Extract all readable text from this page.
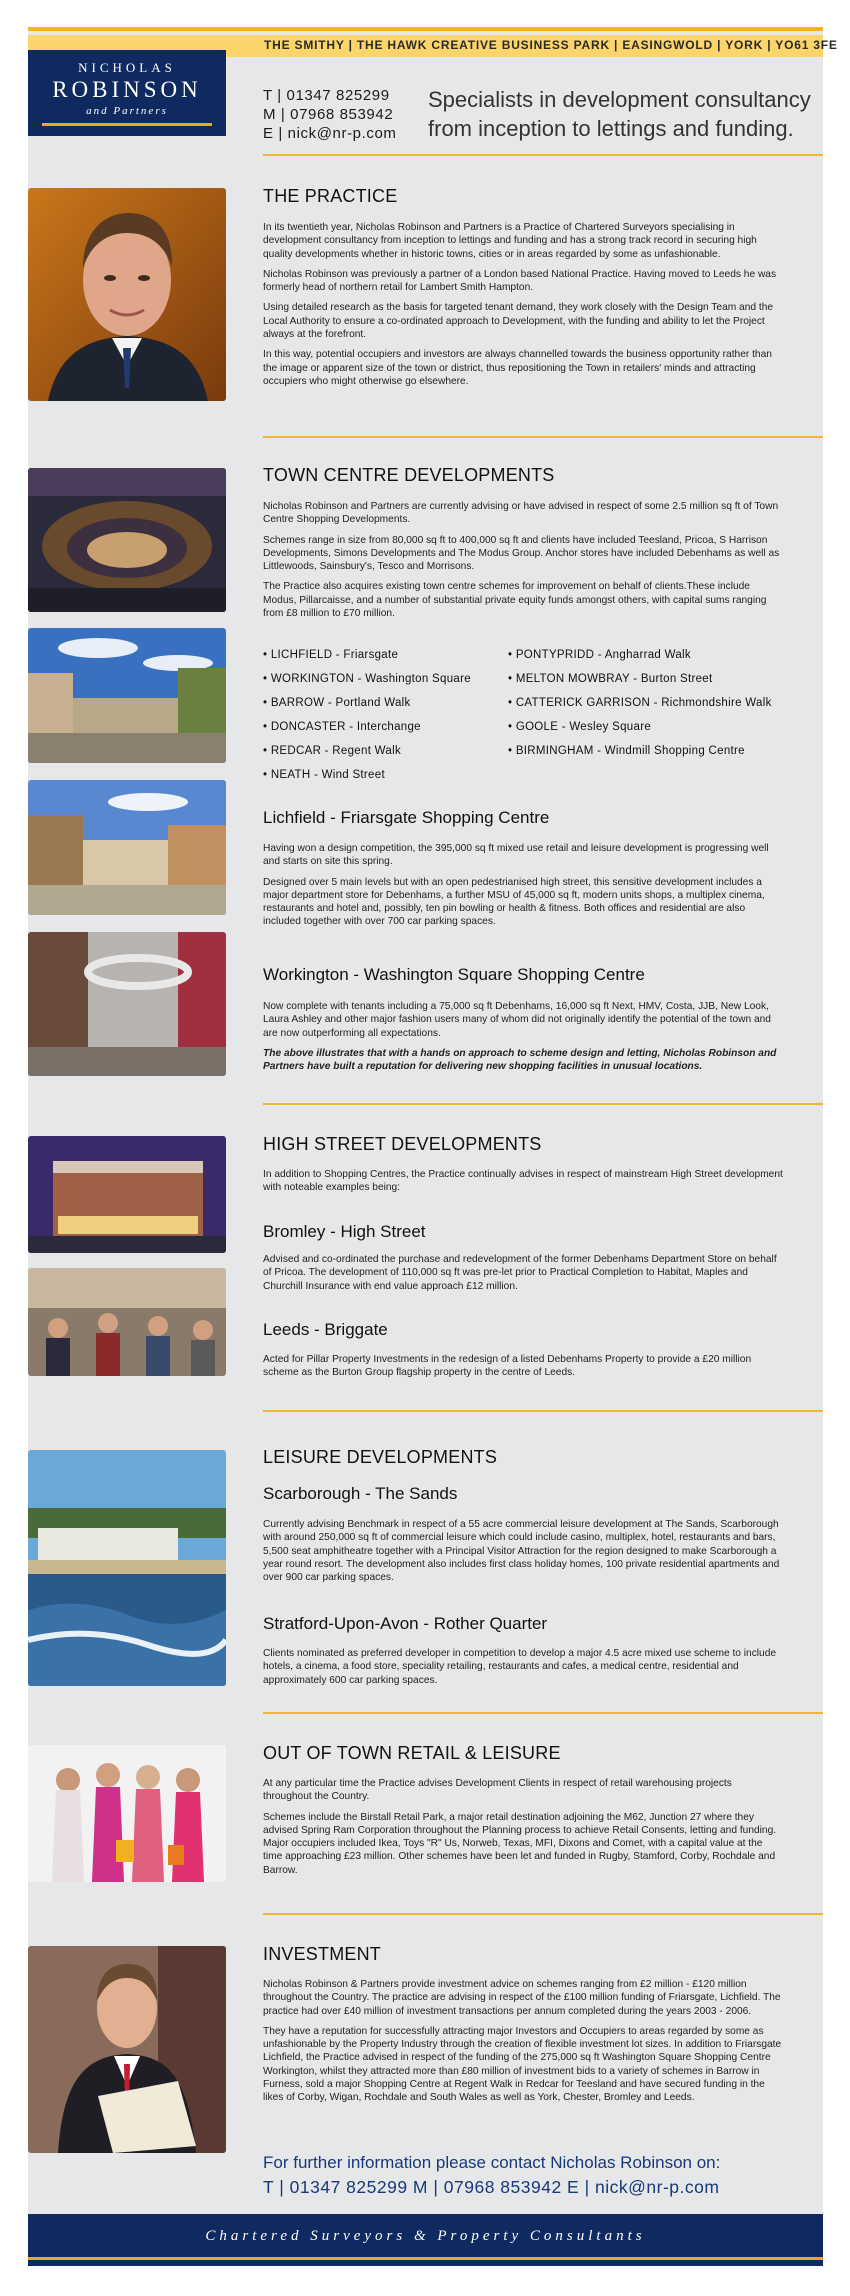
THE SMITHY | THE HAWK CREATIVE BUSINESS PARK | EASINGWOLD | YORK | YO61 3FE
NICHOLAS
ROBINSON
and Partners
T | 01347 825299
M | 07968 853942
E | nick@nr-p.com
Specialists in development consultancy
from inception to lettings and funding.
THE PRACTICE

In its twentieth year, Nicholas Robinson and Partners is a Practice of Chartered Surveyors specialising in development consultancy from inception to lettings and funding and has a strong track record in securing high quality developments whether in historic towns, cities or in areas regarded by some as unfashionable.

Nicholas Robinson was previously a partner of a London based National Practice. Having moved to Leeds he was formerly head of northern retail for Lambert Smith Hampton.

Using detailed research as the basis for targeted tenant demand, they work closely with the Design Team and the Local Authority to ensure a co-ordinated approach to Development, with the funding and ability to let the Project always at the forefront.

In this way, potential occupiers and investors are always channelled towards the business opportunity rather than the image or apparent size of the town or district, thus repositioning the Town in retailers' minds and attracting occupiers who might otherwise go elsewhere.

TOWN CENTRE DEVELOPMENTS

Nicholas Robinson and Partners are currently advising or have advised in respect of some 2.5 million sq ft of Town Centre Shopping Developments.

Schemes range in size from 80,000 sq ft to 400,000 sq ft and clients have included Teesland, Pricoa, S Harrison Developments, Simons Developments and The Modus Group. Anchor stores have included Debenhams as well as Littlewoods, Sainsbury's, Tesco and Morrisons.

The Practice also acquires existing town centre schemes for improvement on behalf of clients.These include Modus, Pillarcaisse, and a number of substantial private equity funds amongst others, with capital sums ranging from £8 million to £70 million.

• LICHFIELD - Friarsgate
• WORKINGTON - Washington Square
• BARROW - Portland Walk
• DONCASTER - Interchange
• REDCAR - Regent Walk
• NEATH - Wind Street
• PONTYPRIDD - Angharrad Walk
• MELTON MOWBRAY - Burton Street
• CATTERICK GARRISON - Richmondshire Walk
• GOOLE - Wesley Square
• BIRMINGHAM - Windmill Shopping Centre
Lichfield - Friarsgate Shopping Centre

Having won a design competition, the 395,000 sq ft mixed use retail and leisure development is progressing well and starts on site this spring.

Designed over 5 main levels but with an open pedestrianised high street, this sensitive development includes a major department store for Debenhams, a further MSU of 45,000 sq ft, modern units shops, a multiplex cinema, restaurants and hotel and, possibly, ten pin bowling or health & fitness. Both offices and residential are also included together with over 700 car parking spaces.

Workington - Washington Square Shopping Centre

Now complete with tenants including a 75,000 sq ft Debenhams, 16,000 sq ft Next, HMV, Costa, JJB, New Look, Laura Ashley and other major fashion users many of whom did not originally identify the potential of the town and are now outperforming all expectations.

The above illustrates that with a hands on approach to scheme design and letting, Nicholas Robinson and Partners have built a reputation for delivering new shopping facilities in unusual locations.

HIGH STREET DEVELOPMENTS

In addition to Shopping Centres, the Practice continually advises in respect of mainstream High Street development with noteable examples being:

Bromley - High Street

Advised and co-ordinated the purchase and redevelopment of the former Debenhams Department Store on behalf of Pricoa. The development of 110,000 sq ft was pre-let prior to Practical Completion to Habitat, Maples and Churchill Insurance with end value approach £12 million.

Leeds - Briggate

Acted for Pillar Property Investments in the redesign of a listed Debenhams Property to provide a £20 million scheme as the Burton Group flagship property in the centre of Leeds.

LEISURE DEVELOPMENTS
Scarborough - The Sands

Currently advising Benchmark in respect of a 55 acre commercial leisure development at The Sands, Scarborough with around 250,000 sq ft of commercial leisure which could include casino, multiplex, hotel, restaurants and bars, 5,500 seat amphitheatre together with a Principal Visitor Attraction for the region designed to make Scarborough a year round resort. The development also includes first class holiday homes, 100 private residential apartments and over 900 car parking spaces.

Stratford-Upon-Avon - Rother Quarter

Clients nominated as preferred developer in competition to develop a major 4.5 acre mixed use scheme to include hotels, a cinema, a food store, speciality retailing, restaurants and cafes, a medical centre, residential and approximately 600 car parking spaces.

OUT OF TOWN RETAIL & LEISURE

At any particular time the Practice advises Development Clients in respect of retail warehousing projects throughout the Country.

Schemes include the Birstall Retail Park, a major retail destination adjoining the M62, Junction 27 where they advised Spring Ram Corporation throughout the Planning process to achieve Retail Consents, letting and funding. Major occupiers included Ikea, Toys "R" Us, Norweb, Texas, MFI, Dixons and Comet, with a capital value at the time approaching £23 million. Other schemes have been let and funded in Rugby, Stamford, Corby, Rochdale and Barrow.

INVESTMENT

Nicholas Robinson & Partners provide investment advice on schemes ranging from £2 million - £120 million throughout the Country. The practice are advising in respect of the £100 million funding of Friarsgate, Lichfield. The practice had over £40 million of investment transactions per annum completed during the years 2003 - 2006.

They have a reputation for successfully attracting major Investors and Occupiers to areas regarded by some as unfashionable by the Property Industry through the creation of flexible investment lot sizes. In addition to Friarsgate Lichfield, the Practice advised in respect of the funding of the 275,000 sq ft Washington Square Shopping Centre Workington, whilst they attracted more than £80 million of investment bids to a variety of schemes in Barrow in Furness, sold a major Shopping Centre at Regent Walk in Redcar for Teesland and have secured funding in the likes of Corby, Wigan, Rochdale and South Wales as well as York, Chester, Bromley and Leeds.

For further information please contact Nicholas Robinson on:
T | 01347 825299 M | 07968 853942 E | nick@nr-p.com
Chartered Surveyors & Property Consultants
